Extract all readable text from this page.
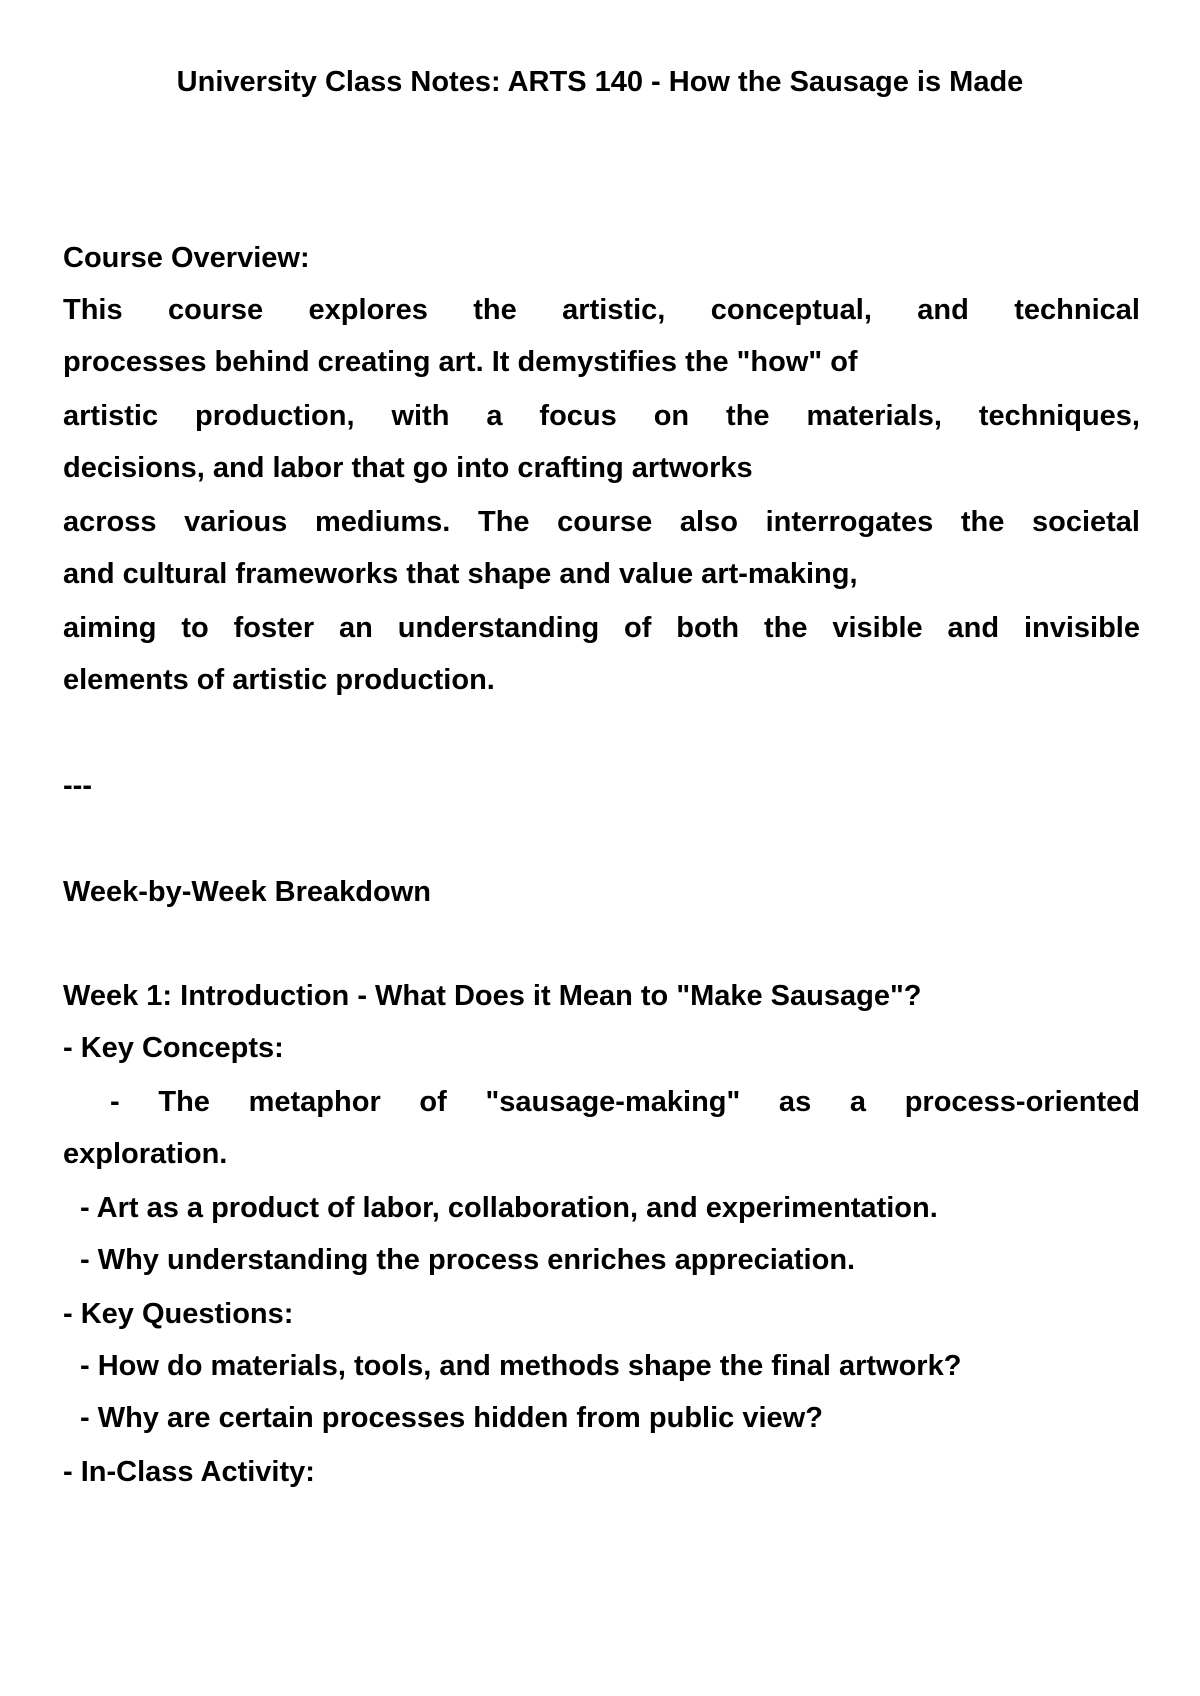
University Class Notes: ARTS 140 - How the Sausage is Made
Course Overview:
This course explores the artistic, conceptual, and technical
processes behind creating art. It demystifies the "how" of
artistic production, with a focus on the materials, techniques,
decisions, and labor that go into crafting artworks
across various mediums. The course also interrogates the societal
and cultural frameworks that shape and value art-making,
aiming to foster an understanding of both the visible and invisible
elements of artistic production.
---
Week-by-Week Breakdown
Week 1: Introduction - What Does it Mean to "Make Sausage"?
- Key Concepts:
- The metaphor of "sausage-making" as a process-oriented
exploration.
- Art as a product of labor, collaboration, and experimentation.
- Why understanding the process enriches appreciation.
- Key Questions:
- How do materials, tools, and methods shape the final artwork?
- Why are certain processes hidden from public view?
- In-Class Activity:
